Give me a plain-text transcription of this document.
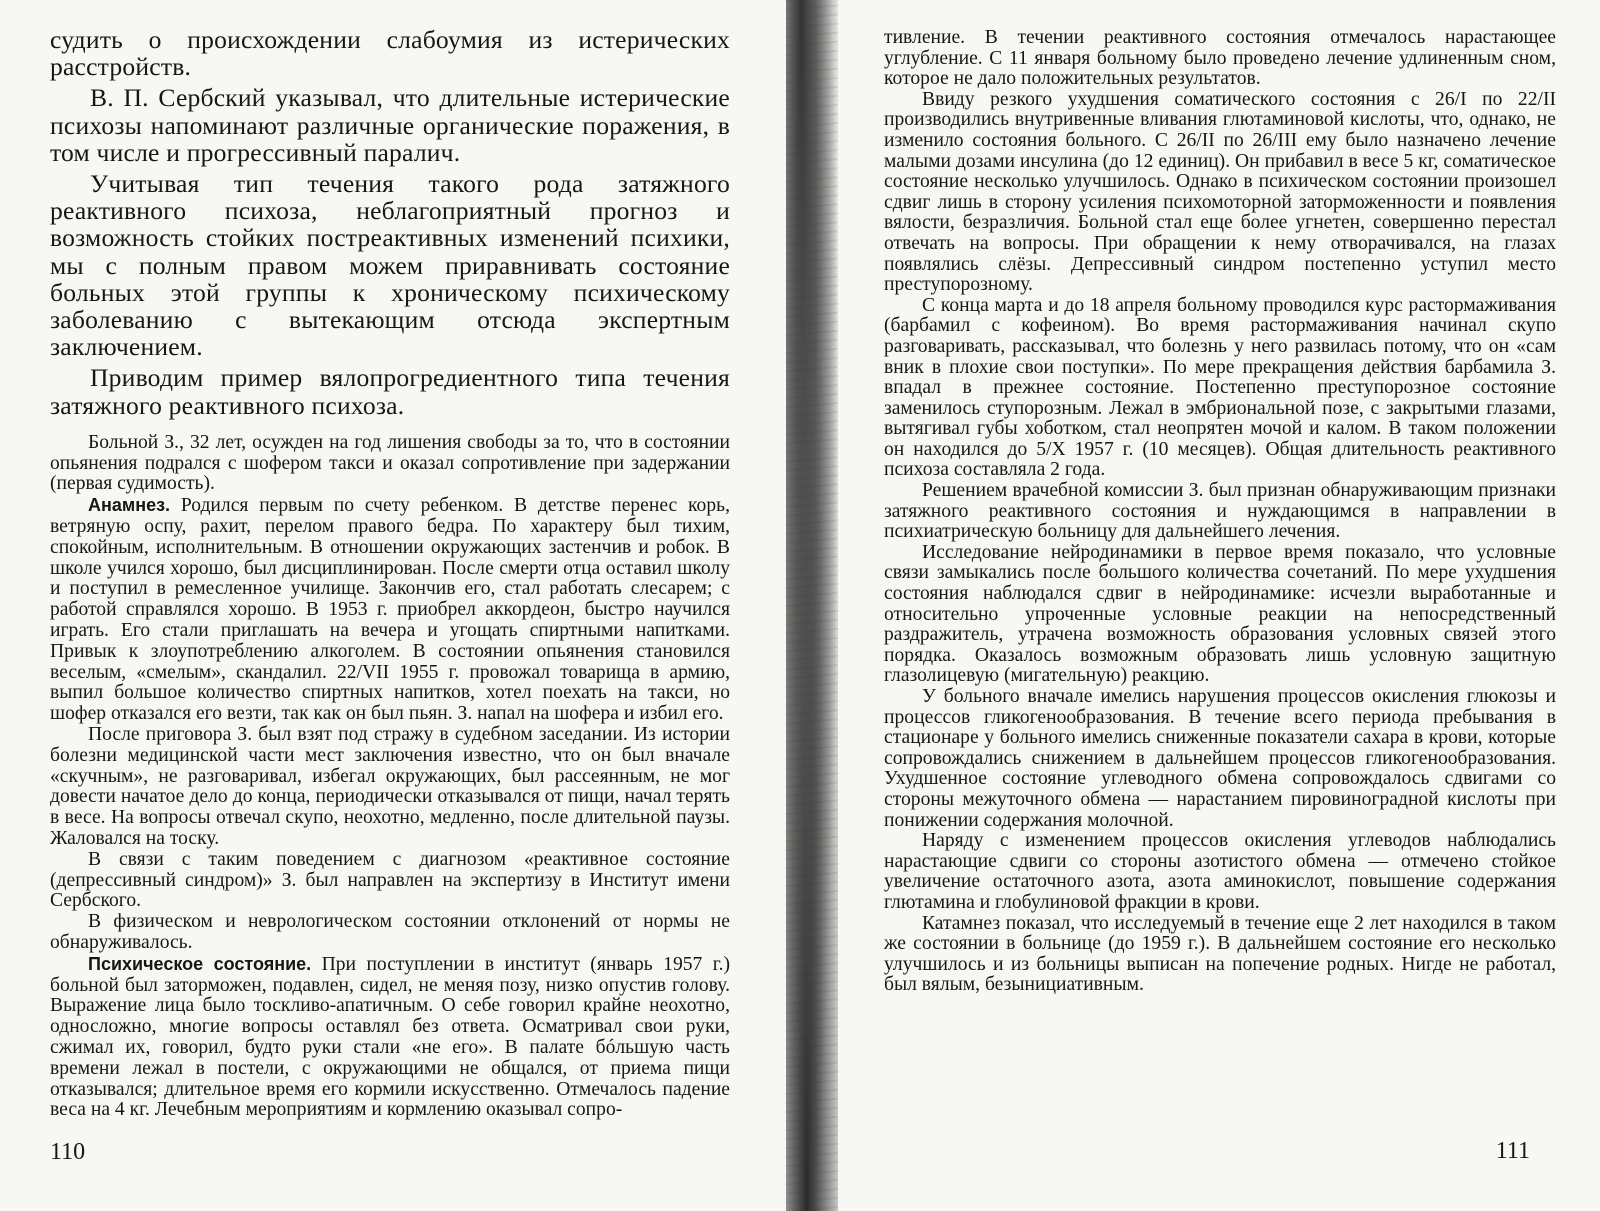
судить о происхождении слабоумия из истерических расстройств.

В. П. Сербский указывал, что длительные истерические психозы напоминают различные органические поражения, в том числе и прогрессивный паралич.

Учитывая тип течения такого рода затяжного реактивного психоза, неблагоприятный прогноз и возможность стойких постреактивных изменений психики, мы с полным правом можем приравнивать состояние больных этой группы к хроническому психическому заболеванию с вытекающим отсюда экспертным заключением.

Приводим пример вялопрогредиентного типа течения затяжного реактивного психоза.

Больной З., 32 лет, осужден на год лишения свободы за то, что в состоянии опьянения подрался с шофером такси и оказал сопротивление при задержании (первая судимость).

Анамнез. Родился первым по счету ребенком. В детстве перенес корь, ветряную оспу, рахит, перелом правого бедра. По характеру был тихим, спокойным, исполнительным. В отношении окружающих застенчив и робок. В школе учился хорошо, был дисциплинирован. После смерти отца оставил школу и поступил в ремесленное училище. Закончив его, стал работать слесарем; с работой справлялся хорошо. В 1953 г. приобрел аккордеон, быстро научился играть. Его стали приглашать на вечера и угощать спиртными напитками. Привык к злоупотреблению алкоголем. В состоянии опьянения становился веселым, «смелым», скандалил. 22/VII 1955 г. провожал товарища в армию, выпил большое количество спиртных напитков, хотел поехать на такси, но шофер отказался его везти, так как он был пьян. З. напал на шофера и избил его.

После приговора З. был взят под стражу в судебном заседании. Из истории болезни медицинской части мест заключения известно, что он был вначале «скучным», не разговаривал, избегал окружающих, был рассеянным, не мог довести начатое дело до конца, периодически отказывался от пищи, начал терять в весе. На вопросы отвечал скупо, неохотно, медленно, после длительной паузы. Жаловался на тоску.

В связи с таким поведением с диагнозом «реактивное состояние (депрессивный синдром)» З. был направлен на экспертизу в Институт имени Сербского.

В физическом и неврологическом состоянии отклонений от нормы не обнаруживалось.

Психическое состояние. При поступлении в институт (январь 1957 г.) больной был заторможен, подавлен, сидел, не меняя позу, низко опустив голову. Выражение лица было тоскливо-апатичным. О себе говорил крайне неохотно, односложно, многие вопросы оставлял без ответа. Осматривал свои руки, сжимал их, говорил, будто руки стали «не его». В палате бóльшую часть времени лежал в постели, с окружающими не общался, от приема пищи отказывался; длительное время его кормили искусственно. Отмечалось падение веса на 4 кг. Лечебным мероприятиям и кормлению оказывал сопро-

110

тивление. В течении реактивного состояния отмечалось нарастающее углубление. С 11 января больному было проведено лечение удлиненным сном, которое не дало положительных результатов.

Ввиду резкого ухудшения соматического состояния с 26/I по 22/II производились внутривенные вливания глютаминовой кислоты, что, однако, не изменило состояния больного. С 26/II по 26/III ему было назначено лечение малыми дозами инсулина (до 12 единиц). Он прибавил в весе 5 кг, соматическое состояние несколько улучшилось. Однако в психическом состоянии произошел сдвиг лишь в сторону усиления психомоторной заторможенности и появления вялости, безразличия. Больной стал еще более угнетен, совершенно перестал отвечать на вопросы. При обращении к нему отворачивался, на глазах появлялись слёзы. Депрессивный синдром постепенно уступил место преступорозному.

С конца марта и до 18 апреля больному проводился курс растормаживания (барбамил с кофеином). Во время растормаживания начинал скупо разговаривать, рассказывал, что болезнь у него развилась потому, что он «сам вник в плохие свои поступки». По мере прекращения действия барбамила З. впадал в прежнее состояние. Постепенно преступорозное состояние заменилось ступорозным. Лежал в эмбриональной позе, с закрытыми глазами, вытягивал губы хоботком, стал неопрятен мочой и калом. В таком положении он находился до 5/X 1957 г. (10 месяцев). Общая длительность реактивного психоза составляла 2 года.

Решением врачебной комиссии З. был признан обнаруживающим признаки затяжного реактивного состояния и нуждающимся в направлении в психиатрическую больницу для дальнейшего лечения.

Исследование нейродинамики в первое время показало, что условные связи замыкались после большого количества сочетаний. По мере ухудшения состояния наблюдался сдвиг в нейродинамике: исчезли выработанные и относительно упроченные условные реакции на непосредственный раздражитель, утрачена возможность образования условных связей этого порядка. Оказалось возможным образовать лишь условную защитную глазолицевую (мигательную) реакцию.

У больного вначале имелись нарушения процессов окисления глюкозы и процессов гликогенообразования. В течение всего периода пребывания в стационаре у больного имелись сниженные показатели сахара в крови, которые сопровождались снижением в дальнейшем процессов гликогенообразования. Ухудшенное состояние углеводного обмена сопровождалось сдвигами со стороны межуточного обмена — нарастанием пировиноградной кислоты при понижении содержания молочной.

Наряду с изменением процессов окисления углеводов наблюдались нарастающие сдвиги со стороны азотистого обмена — отмечено стойкое увеличение остаточного азота, азота аминокислот, повышение содержания глютамина и глобулиновой фракции в крови.

Катамнез показал, что исследуемый в течение еще 2 лет находился в таком же состоянии в больнице (до 1959 г.). В дальнейшем состояние его несколько улучшилось и из больницы выписан на попечение родных. Нигде не работал, был вялым, безынициативным.

111
